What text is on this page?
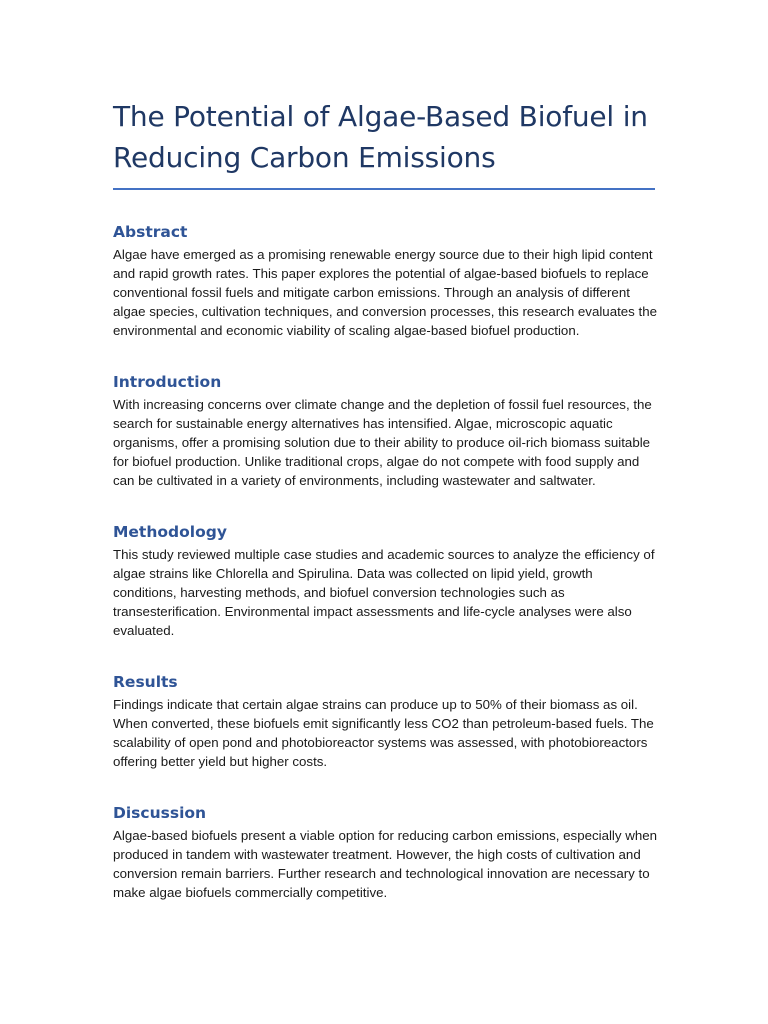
The Potential of Algae-Based Biofuel in Reducing Carbon Emissions
Abstract

Algae have emerged as a promising renewable energy source due to their high lipid content and rapid growth rates. This paper explores the potential of algae-based biofuels to replace conventional fossil fuels and mitigate carbon emissions. Through an analysis of different algae species, cultivation techniques, and conversion processes, this research evaluates the environmental and economic viability of scaling algae-based biofuel production.

Introduction

With increasing concerns over climate change and the depletion of fossil fuel resources, the search for sustainable energy alternatives has intensified. Algae, microscopic aquatic organisms, offer a promising solution due to their ability to produce oil-rich biomass suitable for biofuel production. Unlike traditional crops, algae do not compete with food supply and can be cultivated in a variety of environments, including wastewater and saltwater.

Methodology

This study reviewed multiple case studies and academic sources to analyze the efficiency of algae strains like Chlorella and Spirulina. Data was collected on lipid yield, growth conditions, harvesting methods, and biofuel conversion technologies such as transesterification. Environmental impact assessments and life-cycle analyses were also evaluated.

Results

Findings indicate that certain algae strains can produce up to 50% of their biomass as oil. When converted, these biofuels emit significantly less CO2 than petroleum-based fuels. The scalability of open pond and photobioreactor systems was assessed, with photobioreactors offering better yield but higher costs.

Discussion

Algae-based biofuels present a viable option for reducing carbon emissions, especially when produced in tandem with wastewater treatment. However, the high costs of cultivation and conversion remain barriers. Further research and technological innovation are necessary to make algae biofuels commercially competitive.
